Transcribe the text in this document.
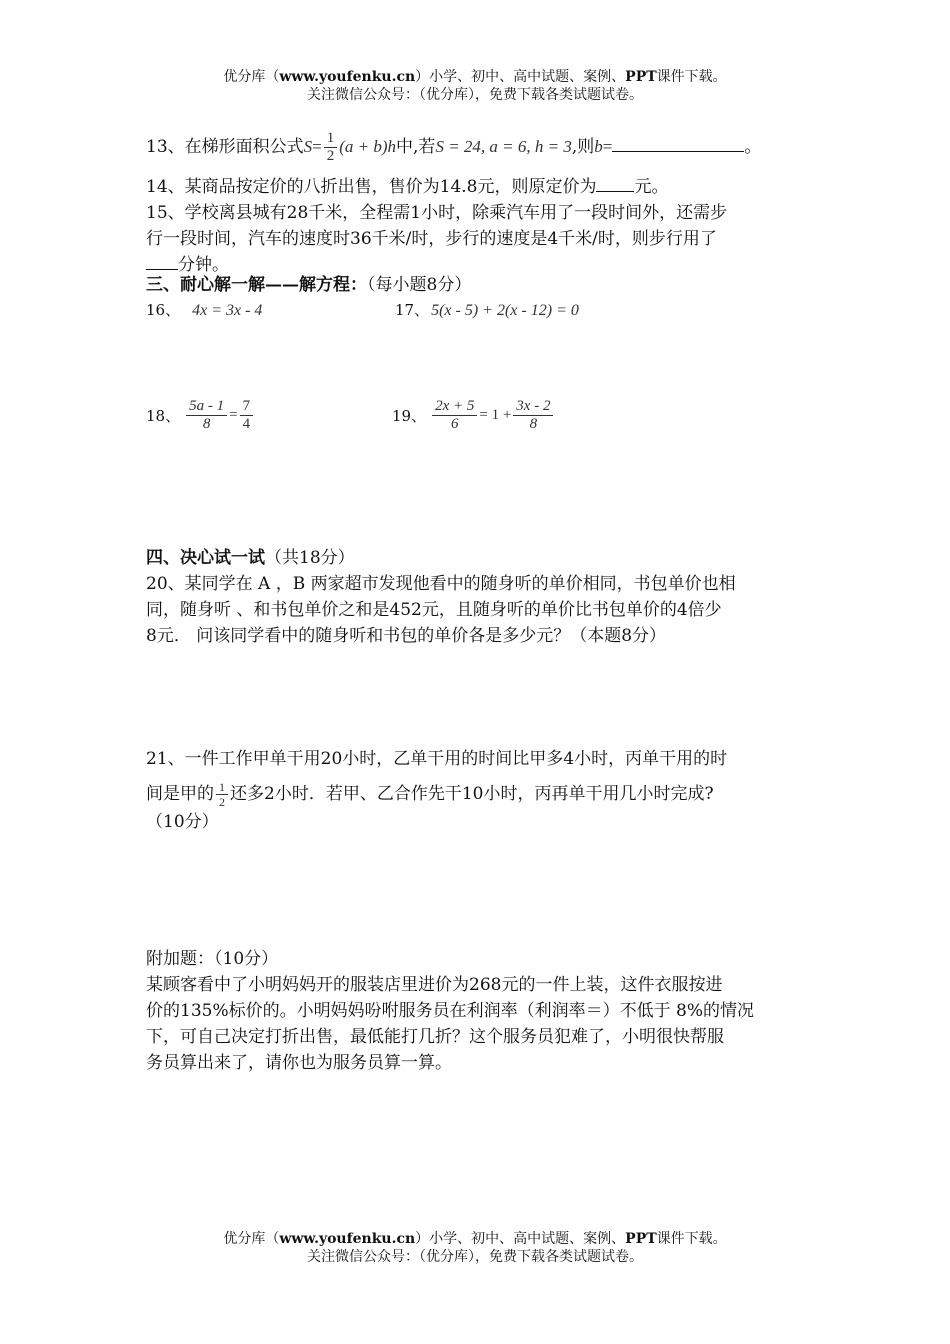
优分库（www.youfenku.cn）小学、初中、高中试题、案例、PPT课件下载。
关注微信公众号：（优分库），免费下载各类试题试卷。
13、在梯形面积公式$S= \frac{1}{2} (a + b)h$中,若S = 24, a = 6, h = 3,则b=	。
14、某商品按定价的八折出售，售价为14.8元，则原定价为 元。
15、学校离县城有28千米，全程需1小时，除乘汽车用了一段时间外，还需步
行一段时间，汽车的速度时36千米/时，步行的速度是4千米/时，则步行用了
分钟。
三、耐心解一解——解方程：（每小题8分）
16、 4x = 3x - 4	17、 5(x - 5) + 2(x - 12) = 0
18、 $\frac{5a - 1}{8} = \frac{7}{4}$	19、 $\frac{2x + 5}{6} = 1 + \frac{3x - 2}{8}$
四、决心试一试（共18分）
20、某同学在 A ，B 两家超市发现他看中的随身听的单价相同，书包单价也相
同，随身听 、和书包单价之和是452元，且随身听的单价比书包单价的4倍少
8元． 问该同学看中的随身听和书包的单价各是多少元？（本题8分）
21、一件工作甲单干用20小时，乙单干用的时间比甲多4小时，丙单干用的时
间是甲的 $\frac{1}{2}$ 还多2小时．若甲、乙合作先干10小时，丙再单干用几小时完成?
（10分）
附加题：（10分）
某顾客看中了小明妈妈开的服装店里进价为268元的一件上装，这件衣服按进
价的135%标价的。小明妈妈吩咐服务员在利润率（利润率＝）不低于 8%的情况
下，可自己决定打折出售，最低能打几折？这个服务员犯难了，小明很快帮服
务员算出来了，请你也为服务员算一算。
优分库（www.youfenku.cn）小学、初中、高中试题、案例、PPT课件下载。
关注微信公众号：（优分库），免费下载各类试题试卷。
